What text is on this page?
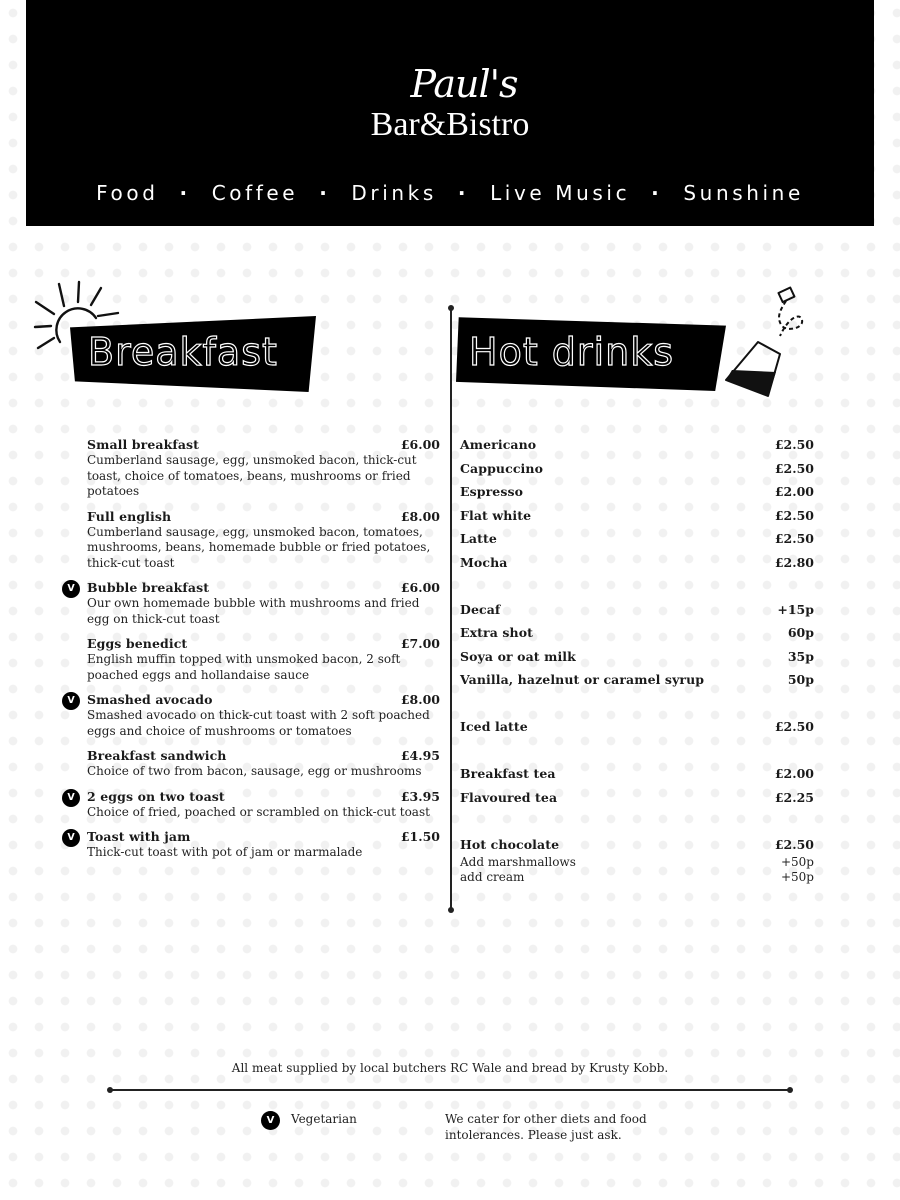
Paul's
Bar&Bistro
Food · Coffee · Drinks · Live Music · Sunshine
Breakfast	Hot drinks
Small breakfast	£6.00
Cumberland sausage, egg, unsmoked bacon, thick-cut toast, choice of tomatoes, beans, mushrooms or fried potatoes
Full english	£8.00
Cumberland sausage, egg, unsmoked bacon, tomatoes, mushrooms, beans, homemade bubble or fried potatoes, thick-cut toast
V Bubble breakfast	£6.00
Our own homemade bubble with mushrooms and fried egg on thick-cut toast
Eggs benedict	£7.00
English muffin topped with unsmoked bacon, 2 soft poached eggs and hollandaise sauce
V Smashed avocado	£8.00
Smashed avocado on thick-cut toast with 2 soft poached eggs and choice of mushrooms or tomatoes
Breakfast sandwich	£4.95
Choice of two from bacon, sausage, egg or mushrooms
V 2 eggs on two toast	£3.95
Choice of fried, poached or scrambled on thick-cut toast
V Toast with jam	£1.50
Thick-cut toast with pot of jam or marmalade
Americano	£2.50
Cappuccino	£2.50
Espresso	£2.00
Flat white	£2.50
Latte	£2.50
Mocha	£2.80
Decaf	+15p
Extra shot	60p
Soya or oat milk	35p
Vanilla, hazelnut or caramel syrup	50p
Iced latte	£2.50
Breakfast tea	£2.00
Flavoured tea	£2.25
Hot chocolate	£2.50
Add marshmallows	+50p
add cream	+50p
All meat supplied by local butchers RC Wale and bread by Krusty Kobb.
V	Vegetarian	We cater for other diets and food intolerances. Please just ask.
